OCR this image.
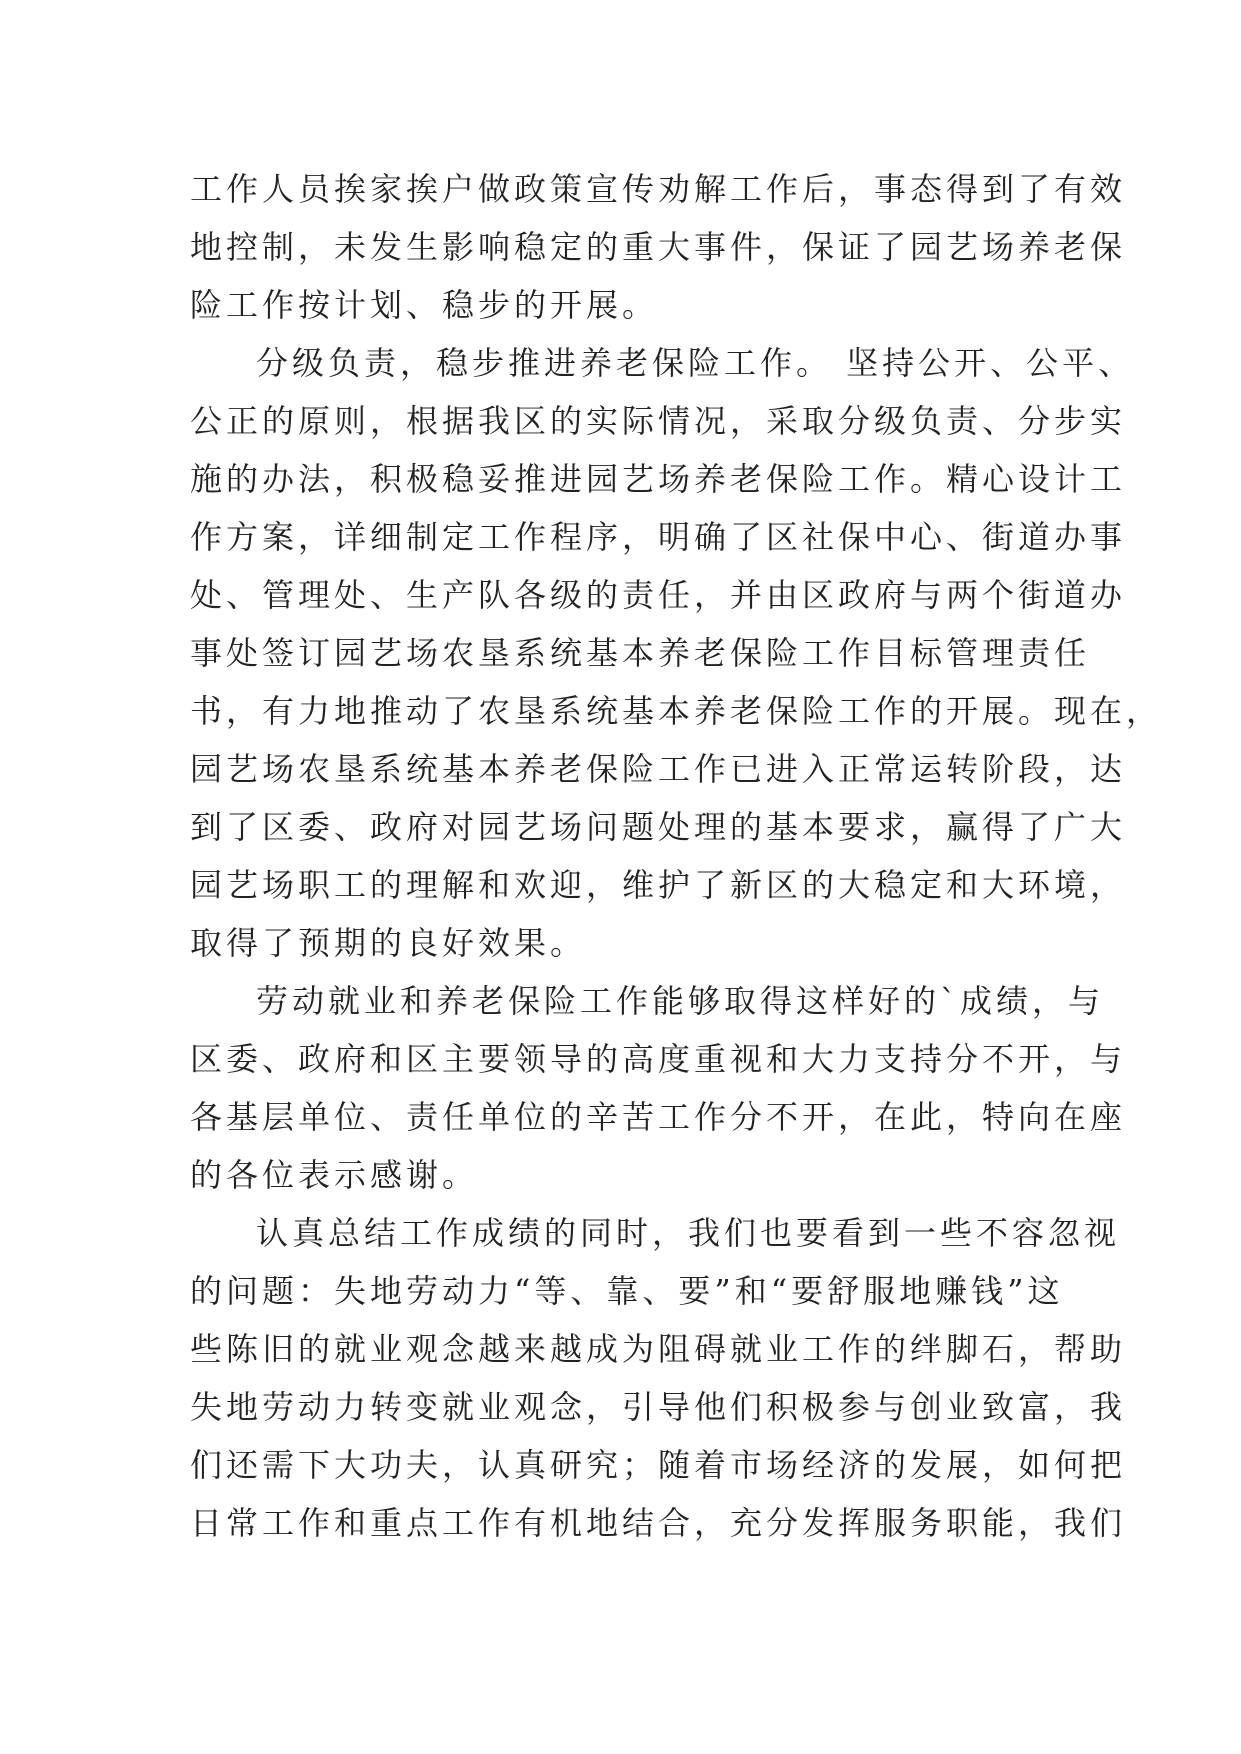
工作人员挨家挨户做政策宣传劝解工作后，事态得到了有效
地控制，未发生影响稳定的重大事件，保证了园艺场养老保
险工作按计划、稳步的开展。
分级负责，稳步推进养老保险工作。 坚持公开、公平、
公正的原则，根据我区的实际情况，采取分级负责、分步实
施的办法，积极稳妥推进园艺场养老保险工作。精心设计工
作方案，详细制定工作程序，明确了区社保中心、街道办事
处、管理处、生产队各级的责任，并由区政府与两个街道办
事处签订园艺场农垦系统基本养老保险工作目标管理责任
书，有力地推动了农垦系统基本养老保险工作的开展。现在，
园艺场农垦系统基本养老保险工作已进入正常运转阶段，达
到了区委、政府对园艺场问题处理的基本要求，赢得了广大
园艺场职工的理解和欢迎，维护了新区的大稳定和大环境，
取得了预期的良好效果。
劳动就业和养老保险工作能够取得这样好的`成绩，与
区委、政府和区主要领导的高度重视和大力支持分不开，与
各基层单位、责任单位的辛苦工作分不开，在此，特向在座
的各位表示感谢。
认真总结工作成绩的同时，我们也要看到一些不容忽视
的问题：失地劳动力“等、靠、要”和“要舒服地赚钱”这
些陈旧的就业观念越来越成为阻碍就业工作的绊脚石，帮助
失地劳动力转变就业观念，引导他们积极参与创业致富，我
们还需下大功夫，认真研究；随着市场经济的发展，如何把
日常工作和重点工作有机地结合，充分发挥服务职能，我们
